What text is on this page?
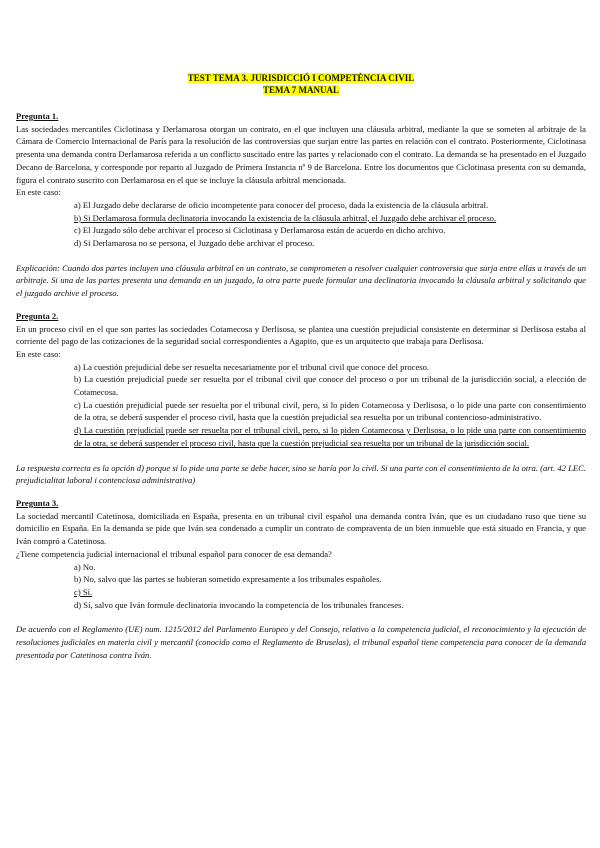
TEST TEMA 3. JURISDICCIÓ I COMPETÈNCIA CIVIL
TEMA 7 MANUAL
Pregunta 1.
Las sociedades mercantiles Ciclotinasa y Derlamarosa otorgan un contrato, en el que incluyen una cláusula arbitral, mediante la que se someten al arbitraje de la Cámara de Comercio Internacional de París para la resolución de las controversias que surjan entre las partes en relación con el contrato. Posteriormente, Ciclotinasa presenta una demanda contra Derlamarosa referida a un conflicto suscitado entre las partes y relacionado con el contrato. La demanda se ha presentado en el Juzgado Decano de Barcelona, y corresponde por reparto al Juzgado de Primera Instancia nº 9 de Barcelona. Entre los documentos que Ciclotinasa presenta con su demanda, figura el contrato suscrito con Derlamarosa en el que se incluye la cláusula arbitral mencionada.
En este caso:
a) El Juzgado debe declararse de oficio incompetente para conocer del proceso, dada la existencia de la cláusula arbitral.
b) Si Derlamarosa formula declinatoria invocando la existencia de la cláusula arbitral, el Juzgado debe archivar el proceso.
c) El Juzgado sólo debe archivar el proceso si Ciclotinasa y Derlamarosa están de acuerdo en dicho archivo.
d) Si Derlamarosa no se persona, el Juzgado debe archivar el proceso.
Explicación: Cuando dos partes incluyen una cláusula arbitral en un contrato, se comprometen a resolver cualquier controversia que surja entre ellas a través de un arbitraje. Si una de las partes presenta una demanda en un juzgado, la otra parte puede formular una declinatoria invocando la cláusula arbitral y solicitando que el juzgado archive el proceso.
Pregunta 2.
En un proceso civil en el que son partes las sociedades Cotamecosa y Derlisosa, se plantea una cuestión prejudicial consistente en determinar si Derlisosa estaba al corriente del pago de las cotizaciones de la seguridad social correspondientes a Agapito, que es un arquitecto que trabaja para Derlisosa.
En este caso:
a) La cuestión prejudicial debe ser resuelta necesariamente por el tribunal civil que conoce del proceso.
b) La cuestión prejudicial puede ser resuelta por el tribunal civil que conoce del proceso o por un tribunal de la jurisdicción social, a elección de Cotamecosa.
c) La cuestión prejudicial puede ser resuelta por el tribunal civil, pero, si lo piden Cotamecosa y Derlisosa, o lo pide una parte con consentimiento de la otra, se deberá suspender el proceso civil, hasta que la cuestión prejudicial sea resuelta por un tribunal contencioso-administrativo.
d) La cuestión prejudicial puede ser resuelta por el tribunal civil, pero, si lo piden Cotamecosa y Derlisosa, o lo pide una parte con consentimiento de la otra, se deberá suspender el proceso civil, hasta que la cuestión prejudicial sea resuelta por un tribunal de la jurisdicción social.
La respuesta correcta es la opción d) porque si lo pide una parte se debe hacer, sino se haría por lo civil. Si una parte con el consentimiento de la otra. (art. 42 LEC. prejudicialitat laboral i contenciosa administrativa)
Pregunta 3.
La sociedad mercantil Catetinosa, domiciliada en España, presenta en un tribunal civil español una demanda contra Iván, que es un ciudadano ruso que tiene su domicilio en España. En la demanda se pide que Iván sea condenado a cumplir un contrato de compraventa de un bien inmueble que está situado en Francia, y que Iván compró a Catetinosa.
¿Tiene competencia judicial internacional el tribunal español para conocer de esa demanda?
a) No.
b) No, salvo que las partes se hubieran sometido expresamente a los tribunales españoles.
c) Sí.
d) Sí, salvo que Iván formule declinatoria invocando la competencia de los tribunales franceses.
De acuerdo con el Reglamento (UE) num. 1215/2012 del Parlamento Europeo y del Consejo, relativo a la competencia judicial, el reconocimiento y la ejecución de resoluciones judiciales en materia civil y mercantil (conocido como el Reglamento de Bruselas), el tribunal español tiene competencia para conocer de la demanda presentada por Catetinosa contra Iván.
